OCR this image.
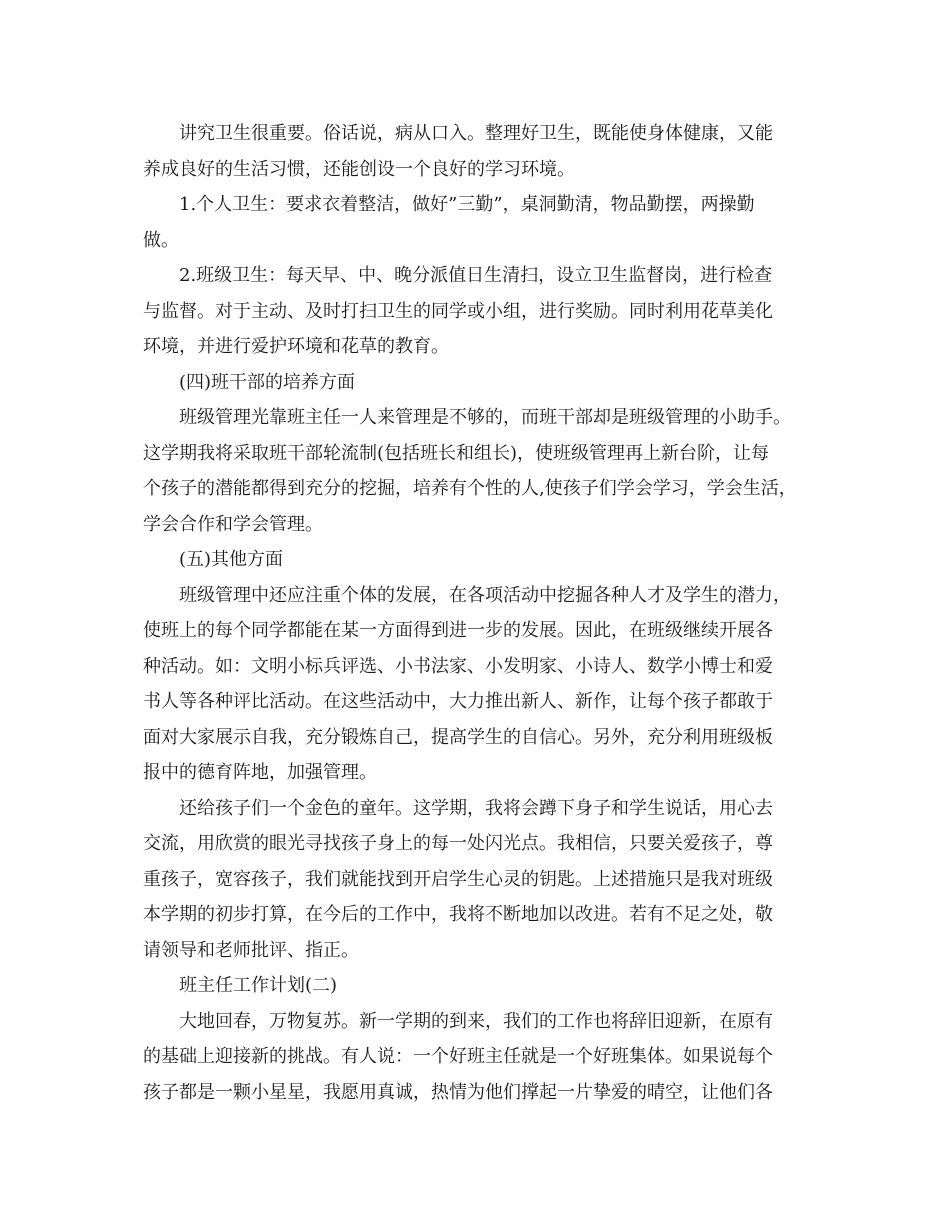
讲究卫生很重要。俗话说，病从口入。整理好卫生，既能使身体健康，又能
养成良好的生活习惯，还能创设一个良好的学习环境。
1.个人卫生：要求衣着整洁，做好”三勤”，桌洞勤清，物品勤摆，两操勤
做。
2.班级卫生：每天早、中、晚分派值日生清扫，设立卫生监督岗，进行检查
与监督。对于主动、及时打扫卫生的同学或小组，进行奖励。同时利用花草美化
环境，并进行爱护环境和花草的教育。
(四)班干部的培养方面
班级管理光靠班主任一人来管理是不够的，而班干部却是班级管理的小助手。
这学期我将采取班干部轮流制(包括班长和组长)，使班级管理再上新台阶，让每
个孩子的潜能都得到充分的挖掘，培养有个性的人,使孩子们学会学习，学会生活，
学会合作和学会管理。
(五)其他方面
班级管理中还应注重个体的发展，在各项活动中挖掘各种人才及学生的潜力，
使班上的每个同学都能在某一方面得到进一步的发展。因此，在班级继续开展各
种活动。如：文明小标兵评选、小书法家、小发明家、小诗人、数学小博士和爱
书人等各种评比活动。在这些活动中，大力推出新人、新作，让每个孩子都敢于
面对大家展示自我，充分锻炼自己，提高学生的自信心。另外，充分利用班级板
报中的德育阵地，加强管理。
还给孩子们一个金色的童年。这学期，我将会蹲下身子和学生说话，用心去
交流，用欣赏的眼光寻找孩子身上的每一处闪光点。我相信，只要关爱孩子，尊
重孩子，宽容孩子，我们就能找到开启学生心灵的钥匙。上述措施只是我对班级
本学期的初步打算，在今后的工作中，我将不断地加以改进。若有不足之处，敬
请领导和老师批评、指正。
班主任工作计划(二)
大地回春，万物复苏。新一学期的到来，我们的工作也将辞旧迎新，在原有
的基础上迎接新的挑战。有人说：一个好班主任就是一个好班集体。如果说每个
孩子都是一颗小星星，我愿用真诚，热情为他们撑起一片挚爱的晴空，让他们各
